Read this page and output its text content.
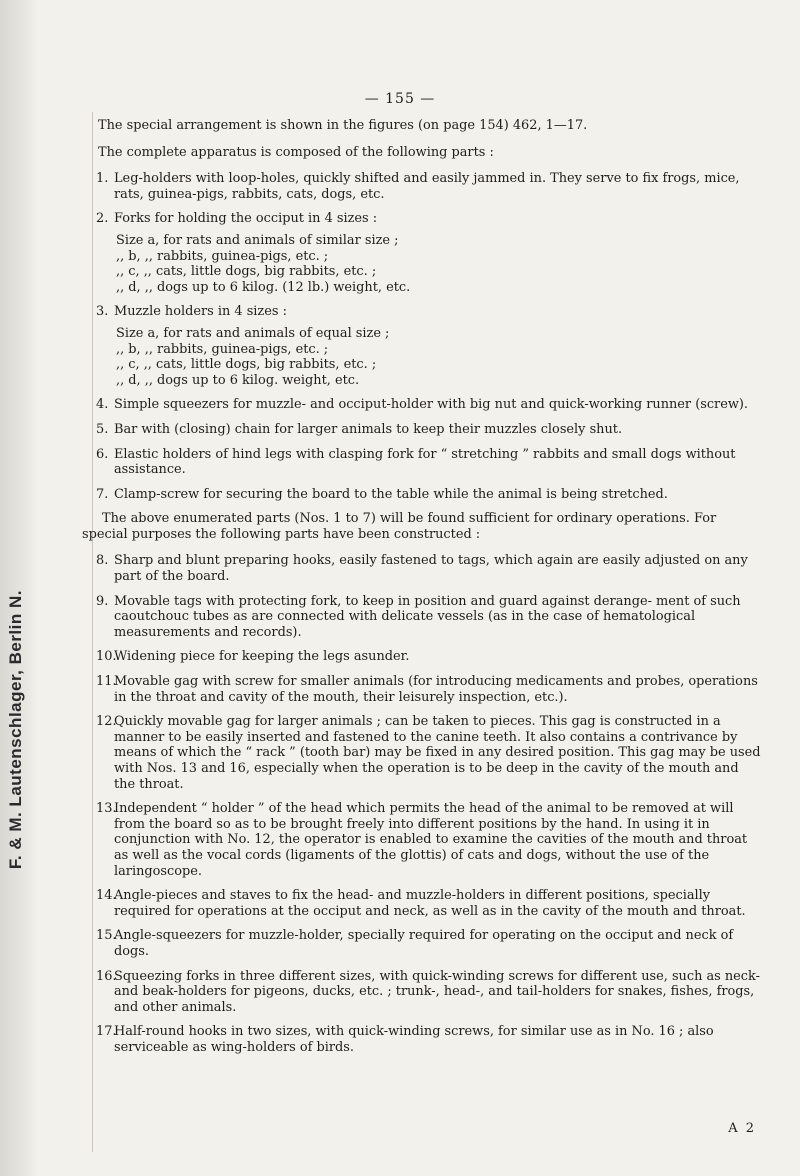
F. & M. Lautenschlager, Berlin N.
— 155 —

The special arrangement is shown in the figures (on page 154) 462, 1—17.

The complete apparatus is composed of the following parts :

1. Leg-holders with loop-holes, quickly shifted and easily jammed in. They serve to fix frogs, mice, rats, guinea-pigs, rabbits, cats, dogs, etc.

2. Forks for holding the occiput in 4 sizes :

Size a, for rats and animals of similar size ;
,, b, ,, rabbits, guinea-pigs, etc. ;
,, c, ,, cats, little dogs, big rabbits, etc. ;
,, d, ,, dogs up to 6 kilog. (12 lb.) weight, etc.
3. Muzzle holders in 4 sizes :

Size a, for rats and animals of equal size ;
,, b, ,, rabbits, guinea-pigs, etc. ;
,, c, ,, cats, little dogs, big rabbits, etc. ;
,, d, ,, dogs up to 6 kilog. weight, etc.
4. Simple squeezers for muzzle- and occiput-holder with big nut and quick-working runner (screw).

5. Bar with (closing) chain for larger animals to keep their muzzles closely shut.

6. Elastic holders of hind legs with clasping fork for “ stretching ” rabbits and small dogs without assistance.

7. Clamp-screw for securing the board to the table while the animal is being stretched.

The above enumerated parts (Nos. 1 to 7) will be found sufficient for ordinary operations. For special purposes the following parts have been constructed :

8. Sharp and blunt preparing hooks, easily fastened to tags, which again are easily adjusted on any part of the board.

9. Movable tags with protecting fork, to keep in position and guard against derange- ment of such caoutchouc tubes as are connected with delicate vessels (as in the case of hematological measurements and records).

10.

Widening piece for keeping the legs asunder.

11.

Movable gag with screw for smaller animals (for introducing medicaments and probes, operations in the throat and cavity of the mouth, their leisurely inspection, etc.).

12.

Quickly movable gag for larger animals ; can be taken to pieces. This gag is constructed in a manner to be easily inserted and fastened to the canine teeth. It also contains a contrivance by means of which the “ rack ” (tooth bar) may be fixed in any desired position. This gag may be used with Nos. 13 and 16, especially when the operation is to be deep in the cavity of the mouth and the throat.

13.

Independent “ holder ” of the head which permits the head of the animal to be removed at will from the board so as to be brought freely into different positions by the hand. In using it in conjunction with No. 12, the operator is enabled to examine the cavities of the mouth and throat as well as the vocal cords (ligaments of the glottis) of cats and dogs, without the use of the laringoscope.

14.

Angle-pieces and staves to fix the head- and muzzle-holders in different positions, specially required for operations at the occiput and neck, as well as in the cavity of the mouth and throat.

15.

Angle-squeezers for muzzle-holder, specially required for operating on the occiput and neck of dogs.

16.

Squeezing forks in three different sizes, with quick-winding screws for different use, such as neck- and beak-holders for pigeons, ducks, etc. ; trunk-, head-, and tail-holders for snakes, fishes, frogs, and other animals.

17.

Half-round hooks in two sizes, with quick-winding screws, for similar use as in No. 16 ; also serviceable as wing-holders of birds.

A 2
